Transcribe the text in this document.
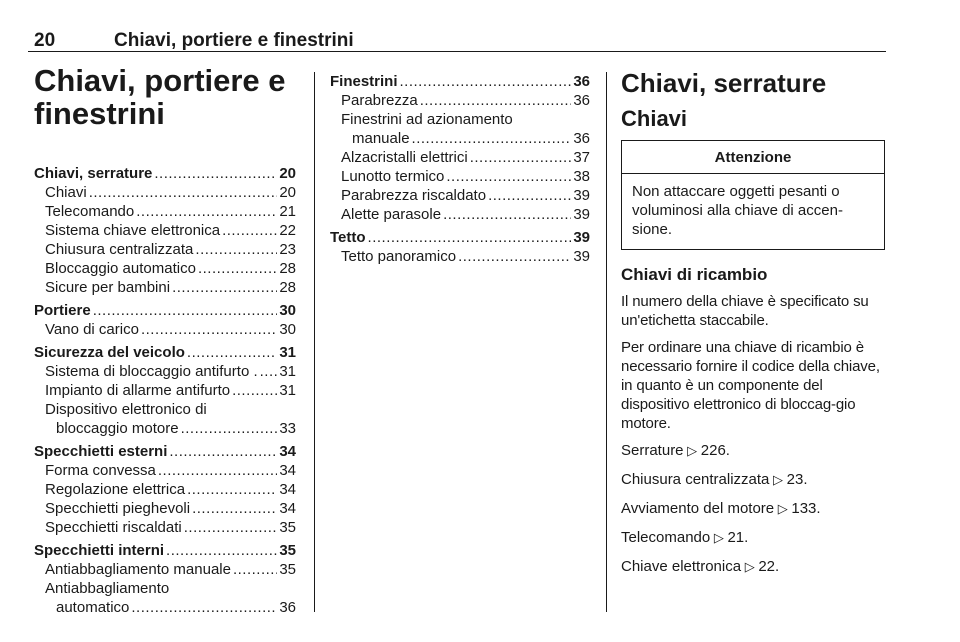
20	Chiavi, portiere e finestrini
Chiavi, portiere e
finestrini
Chiavi, serrature .....	20
Chiavi .....	20
Telecomando .....	21
Sistema chiave elettronica .....	22
Chiusura centralizzata .....	23
Bloccaggio automatico .....	28
Sicure per bambini .....	28
Portiere .....	30
Vano di carico .....	30
Sicurezza del veicolo .....	31
Sistema di bloccaggio antifurto . ..... 31
Impianto di allarme antifurto .....	31
Dispositivo elettronico di
bloccaggio motore .....	33
Specchietti esterni .....	34
Forma convessa .....	34
Regolazione elettrica .....	34
Specchietti pieghevoli .....	34
Specchietti riscaldati .....	35
Specchietti interni .....	35
Antiabbagliamento manuale .....	35
Antiabbagliamento
automatico .....	36
Finestrini .....	36
Parabrezza .....	36
Finestrini ad azionamento
manuale .....	36
Alzacristalli elettrici .....	37
Lunotto termico .....	38
Parabrezza riscaldato .....	39
Alette parasole .....	39
Tetto .....	39
Tetto panoramico .....	39
Chiavi, serrature
Chiavi
Attenzione
Non attaccare oggetti pesanti o voluminosi alla chiave di accen-sione.
Chiavi di ricambio

Il numero della chiave è specificato su un'etichetta staccabile.

Per ordinare una chiave di ricambio è necessario fornire il codice della chiave, in quanto è un componente del dispositivo elettronico di bloccag-gio motore.

Serrature ▷ 226.
Chiusura centralizzata ▷ 23.
Avviamento del motore ▷ 133.
Telecomando ▷ 21.
Chiave elettronica ▷ 22.
